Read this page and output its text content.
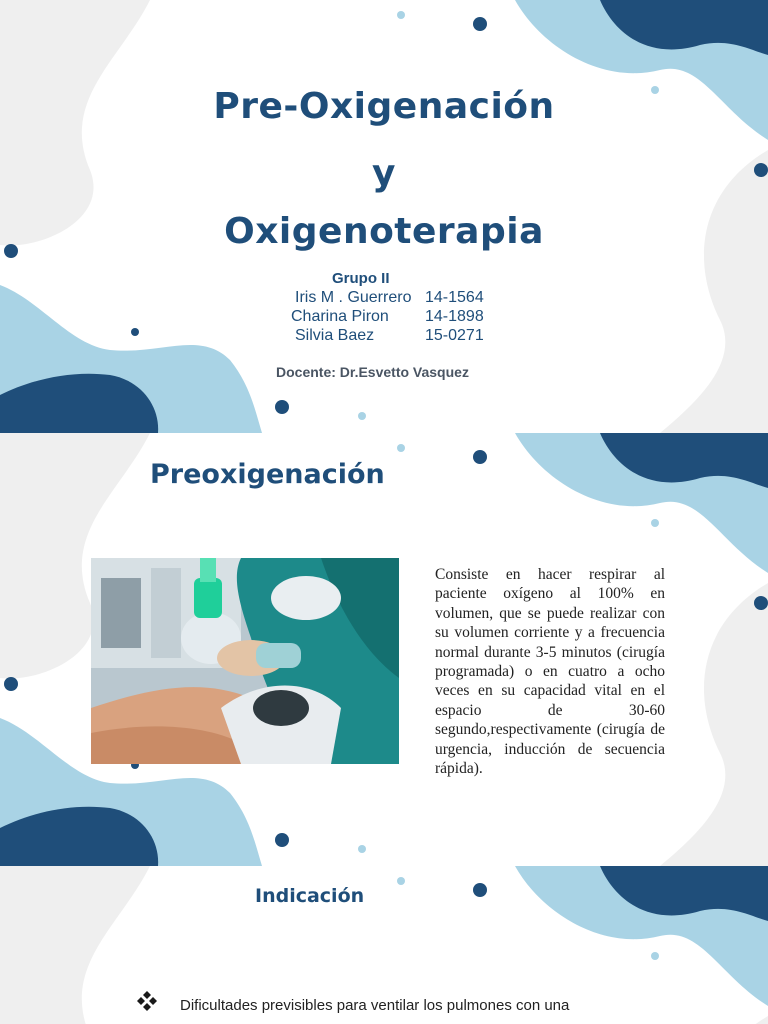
Pre-Oxigenación
y
Oxigenoterapia
Grupo II
Iris M . Guerrero 14-1564
Charina Piron 14-1898
Silvia Baez	15-0271
Docente: Dr.Esvetto Vasquez
Preoxigenación
Consiste en hacer respirar al paciente oxígeno al 100% en volumen, que se puede realizar con su volumen corriente y a frecuencia normal durante 3-5 minutos (cirugía programada) o en cuatro a ocho veces en su capacidad vital en el espacio de 30-60 segundo,respectivamente (cirugía de urgencia, inducción de secuencia rápida).
Indicación
Dificultades previsibles para ventilar los pulmones con una
